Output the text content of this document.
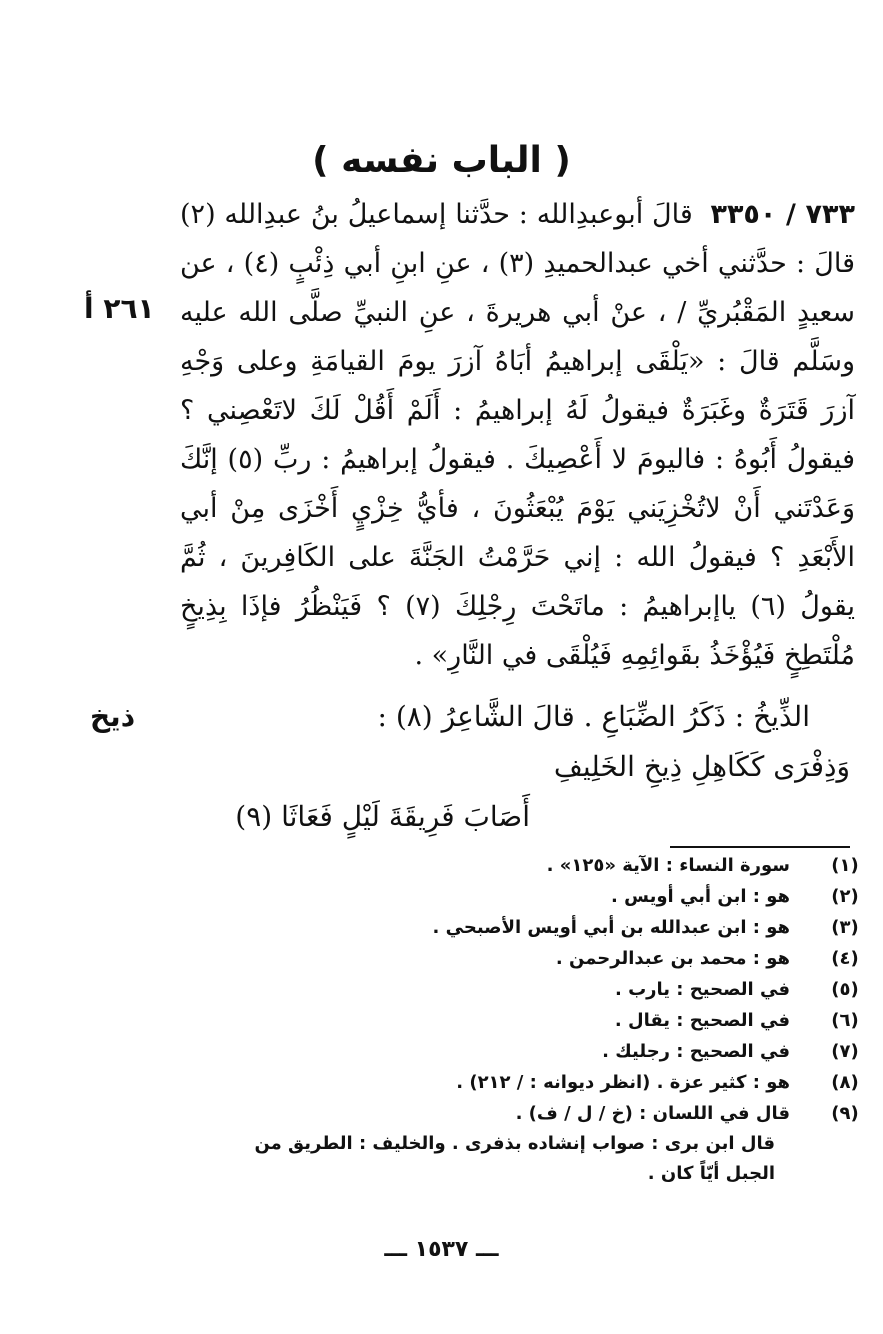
( الباب نفسه )

٧٣٣ / ٣٣٥٠  قالَ أبوعبدِالله : حدَّثنا إسماعيلُ بنُ عبدِالله (٢) قالَ : حدَّثني أخي عبدالحميدِ (٣) ، عنِ ابنِ أبي ذِئْبٍ (٤) ، عن سعيدٍ المَقْبُريِّ / ، عنْ أبي هريرةَ ، عنِ النبيِّ صلَّى الله عليه وسَلَّم قالَ : «يَلْقَى إبراهيمُ أبَاهُ آزرَ يومَ القيامَةِ وعلى وَجْهِ آزرَ قَتَرَةٌ وغَبَرَةٌ فيقولُ لَهُ إبراهيمُ : أَلَمْ أَقُلْ لَكَ لاتَعْصِني ؟ فيقولُ أَبُوهُ : فاليومَ لا أَعْصِيكَ . فيقولُ إبراهيمُ : ربِّ (٥) إنَّكَ وَعَدْتَني أَنْ لاتُخْزِيَني يَوْمَ يُبْعَثُونَ ، فأيُّ خِزْيٍ أَخْزَى مِنْ أبي الأَبْعَدِ ؟ فيقولُ الله : إني حَرَّمْتُ الجَنَّةَ على الكَافِرينَ ، ثُمَّ يقولُ (٦) ياإبراهيمُ : ماتَحْتَ رِجْلِكَ (٧) ؟ فَيَنْظُرُ فإذَا بِذِيخٍ مُلْتَطِخٍ فَيُؤْخَذُ بقَوائِمِهِ فَيُلْقَى في النَّارِ» .

٢٦١ أ
ذيخ	الذِّيخُ : ذَكَرُ الضِّبَاعِ . قالَ الشَّاعِرُ (٨) :
وَذِفْرَى كَكَاهِلِ ذِيخِ الخَلِيفِ
أَصَابَ فَرِيقَةَ لَيْلٍ فَعَاثَا (٩)
(١)
سورة النساء : الآية «١٢٥» .
(٢)
هو : ابن أبي أويس .
(٣)
هو : ابن عبدالله بن أبي أويس الأصبحي .
(٤)
هو : محمد بن عبدالرحمن .
(٥)
في الصحيح : يارب .
(٦)
في الصحيح : يقال .
(٧)
في الصحيح : رجليك .
(٨)
هو : كثير عزة . (انظر ديوانه : / ٢١٢) .
(٩)
قال في اللسان : (خ / ل / ف) .
قال ابن برى : صواب إنشاده بذفرى . والخليف : الطريق من الجبل أيّاً كان .
ـــ ١٥٣٧ ـــ
